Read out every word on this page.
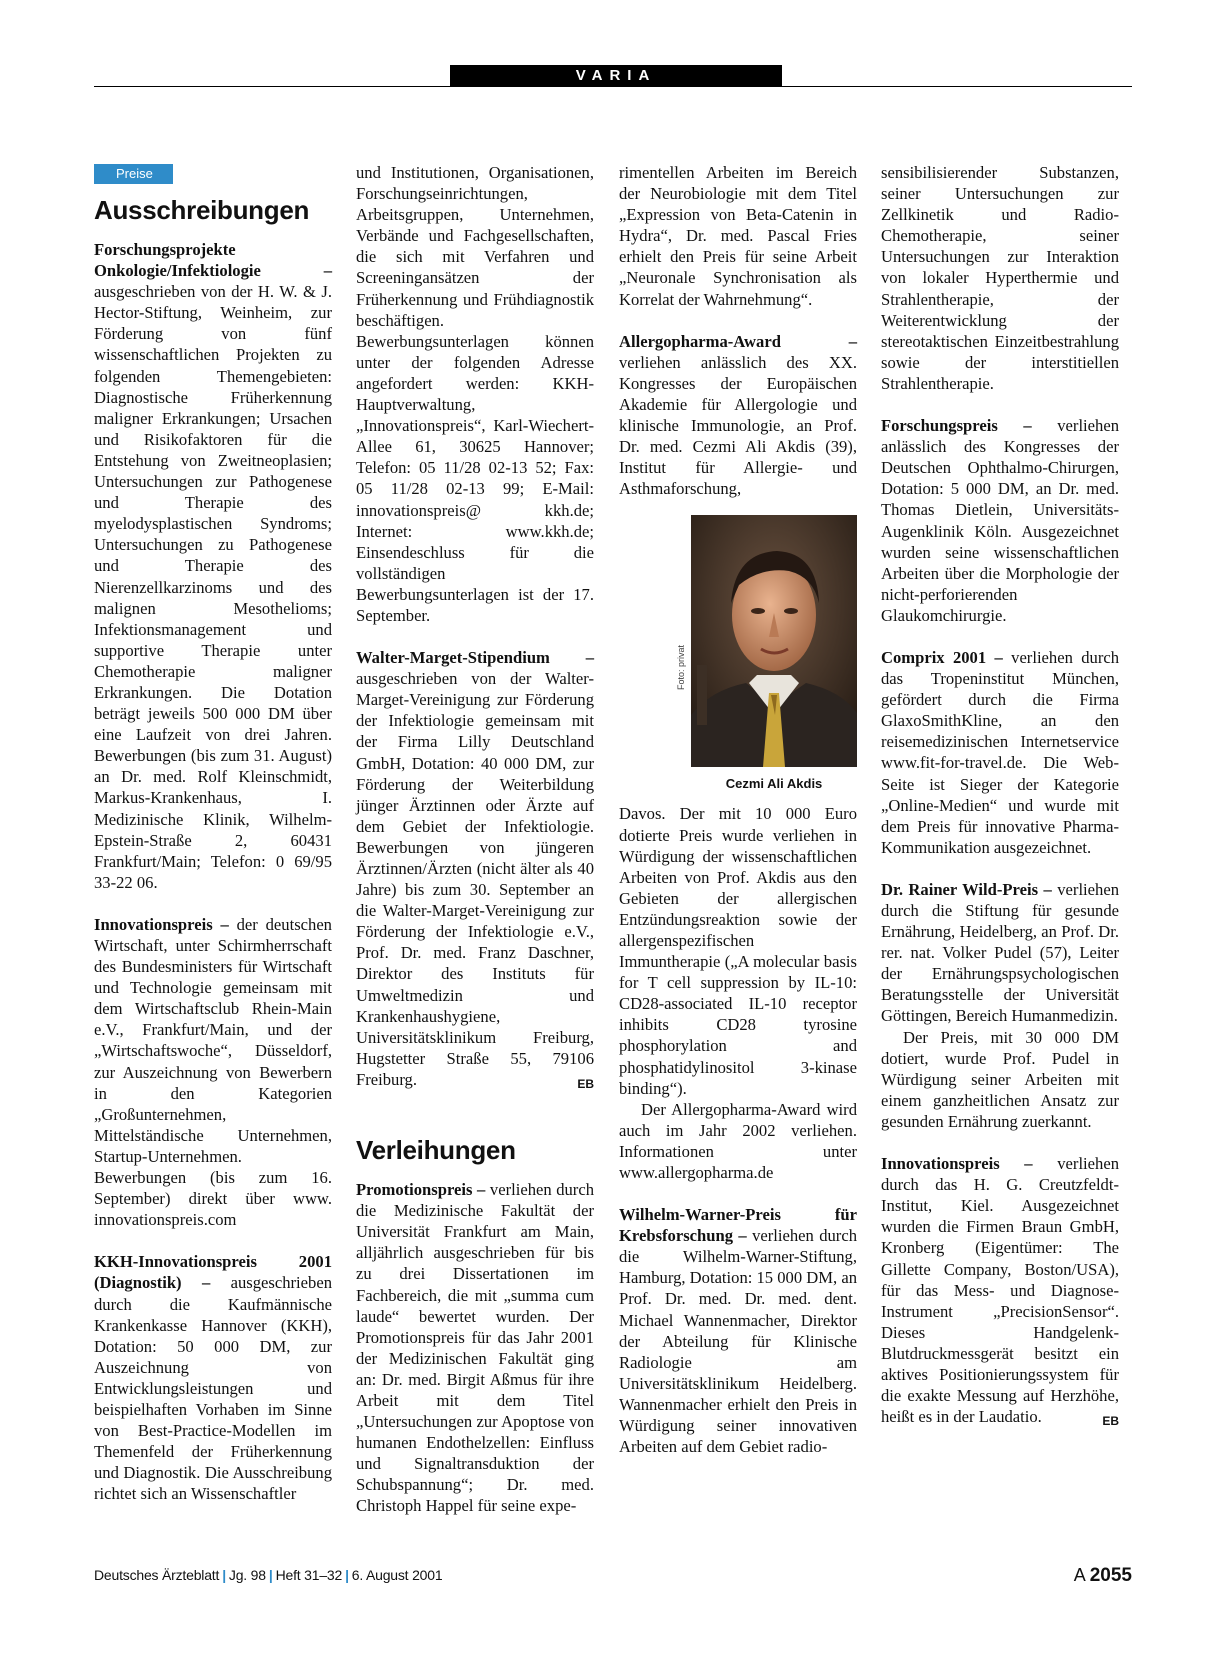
VARIA
Preise
Ausschreibungen

Forschungsprojekte Onkologie/Infektiologie – ausgeschrieben von der H. W. & J. Hector-Stiftung, Weinheim, zur Förderung von fünf wissenschaftlichen Projekten zu folgenden Themengebieten: Diagnostische Früherkennung maligner Erkrankungen; Ursachen und Risikofaktoren für die Entstehung von Zweitneoplasien; Untersuchungen zur Pathogenese und Therapie des myelodysplastischen Syndroms; Untersuchungen zu Pathogenese und Therapie des Nierenzellkarzinoms und des malignen Mesothelioms; Infektionsmanagement und supportive Therapie unter Chemotherapie maligner Erkrankungen. Die Dotation beträgt jeweils 500 000 DM über eine Laufzeit von drei Jahren. Bewerbungen (bis zum 31. August) an Dr. med. Rolf Kleinschmidt, Markus-Krankenhaus, I. Medizinische Klinik, Wilhelm-Epstein-Straße 2, 60431 Frankfurt/Main; Telefon: 0 69/95 33-22 06.

Innovationspreis – der deutschen Wirtschaft, unter Schirmherrschaft des Bundesministers für Wirtschaft und Technologie gemeinsam mit dem Wirtschaftsclub Rhein-Main e.V., Frankfurt/Main, und der „Wirtschaftswoche“, Düsseldorf, zur Auszeichnung von Bewerbern in den Kategorien „Großunternehmen, Mittelständische Unternehmen, Startup-Unternehmen. Bewerbungen (bis zum 16. September) direkt über www. innovationspreis.com

KKH-Innovationspreis 2001 (Diagnostik) – ausgeschrieben durch die Kaufmännische Krankenkasse Hannover (KKH), Dotation: 50 000 DM, zur Auszeichnung von Entwicklungsleistungen und beispielhaften Vorhaben im Sinne von Best-Practice-Modellen im Themenfeld der Früherkennung und Diagnostik. Die Ausschreibung richtet sich an Wissenschaftler

und Institutionen, Organisationen, Forschungseinrichtungen, Arbeitsgruppen, Unternehmen, Verbände und Fachgesellschaften, die sich mit Verfahren und Screeningansätzen der Früherkennung und Frühdiagnostik beschäftigen. Bewerbungsunterlagen können unter der folgenden Adresse angefordert werden: KKH-Hauptverwaltung, „Innovationspreis“, Karl-Wiechert-Allee 61, 30625 Hannover; Telefon: 05 11/28 02-13 52; Fax: 05 11/28 02-13 99; E-Mail: innovationspreis@ kkh.de; Internet: www.kkh.de; Einsendeschluss für die vollständigen Bewerbungsunterlagen ist der 17. September.

Walter-Marget-Stipendium – ausgeschrieben von der Walter-Marget-Vereinigung zur Förderung der Infektiologie gemeinsam mit der Firma Lilly Deutschland GmbH, Dotation: 40 000 DM, zur Förderung der Weiterbildung jünger Ärztinnen oder Ärzte auf dem Gebiet der Infektiologie. Bewerbungen von jüngeren Ärztinnen/Ärzten (nicht älter als 40 Jahre) bis zum 30. September an die Walter-Marget-Vereinigung zur Förderung der Infektiologie e.V., Prof. Dr. med. Franz Daschner, Direktor des Instituts für Umweltmedizin und Krankenhaushygiene, Universitätsklinikum Freiburg, Hugstetter Straße 55, 79106 Freiburg.	EB

Verleihungen

Promotionspreis – verliehen durch die Medizinische Fakultät der Universität Frankfurt am Main, alljährlich ausgeschrieben für bis zu drei Dissertationen im Fachbereich, die mit „summa cum laude“ bewertet wurden. Der Promotionspreis für das Jahr 2001 der Medizinischen Fakultät ging an: Dr. med. Birgit Aßmus für ihre Arbeit mit dem Titel „Untersuchungen zur Apoptose von humanen Endothelzellen: Einfluss und Signaltransduktion der Schubspannung“; Dr. med. Christoph Happel für seine expe-

rimentellen Arbeiten im Bereich der Neurobiologie mit dem Titel „Expression von Beta-Catenin in Hydra“, Dr. med. Pascal Fries erhielt den Preis für seine Arbeit „Neuronale Synchronisation als Korrelat der Wahrnehmung“.

Allergopharma-Award – verliehen anlässlich des XX. Kongresses der Europäischen Akademie für Allergologie und klinische Immunologie, an Prof. Dr. med. Cezmi Ali Akdis (39), Institut für Allergie- und Asthmaforschung,

Foto: privat
Cezmi Ali Akdis

Davos. Der mit 10 000 Euro dotierte Preis wurde verliehen in Würdigung der wissenschaftlichen Arbeiten von Prof. Akdis aus den Gebieten der allergischen Entzündungsreaktion sowie der allergenspezifischen Immuntherapie („A molecular basis for T cell suppression by IL-10: CD28-associated IL-10 receptor inhibits CD28 tyrosine phosphorylation and phosphatidylinositol 3-kinase binding“).

Der Allergopharma-Award wird auch im Jahr 2002 verliehen. Informationen unter www.allergopharma.de

Wilhelm-Warner-Preis für Krebsforschung – verliehen durch die Wilhelm-Warner-Stiftung, Hamburg, Dotation: 15 000 DM, an Prof. Dr. med. Dr. med. dent. Michael Wannenmacher, Direktor der Abteilung für Klinische Radiologie am Universitätsklinikum Heidelberg. Wannenmacher erhielt den Preis in Würdigung seiner innovativen Arbeiten auf dem Gebiet radio-

sensibilisierender Substanzen, seiner Untersuchungen zur Zellkinetik und Radio-Chemotherapie, seiner Untersuchungen zur Interaktion von lokaler Hyperthermie und Strahlentherapie, der Weiterentwicklung der stereotaktischen Einzeitbestrahlung sowie der interstitiellen Strahlentherapie.

Forschungspreis – verliehen anlässlich des Kongresses der Deutschen Ophthalmo-Chirurgen, Dotation: 5 000 DM, an Dr. med. Thomas Dietlein, Universitäts-Augenklinik Köln. Ausgezeichnet wurden seine wissenschaftlichen Arbeiten über die Morphologie der nicht-perforierenden Glaukomchirurgie.

Comprix 2001 – verliehen durch das Tropeninstitut München, gefördert durch die Firma GlaxoSmithKline, an den reisemedizinischen Internetservice www.fit-for-travel.de. Die Web-Seite ist Sieger der Kategorie „Online-Medien“ und wurde mit dem Preis für innovative Pharma-Kommunikation ausgezeichnet.

Dr. Rainer Wild-Preis – verliehen durch die Stiftung für gesunde Ernährung, Heidelberg, an Prof. Dr. rer. nat. Volker Pudel (57), Leiter der Ernährungspsychologischen Beratungsstelle der Universität Göttingen, Bereich Humanmedizin.

Der Preis, mit 30 000 DM dotiert, wurde Prof. Pudel in Würdigung seiner Arbeiten mit einem ganzheitlichen Ansatz zur gesunden Ernährung zuerkannt.

Innovationspreis – verliehen durch das H. G. Creutzfeldt-Institut, Kiel. Ausgezeichnet wurden die Firmen Braun GmbH, Kronberg (Eigentümer: The Gillette Company, Boston/USA), für das Mess- und Diagnose-Instrument „PrecisionSensor“. Dieses Handgelenk-Blutdruckmessgerät besitzt ein aktives Positionierungssystem für die exakte Messung auf Herzhöhe, heißt es in der Laudatio.	EB

Deutsches Ärzteblatt | Jg. 98 | Heft 31–32 | 6. August 2001	A 2055
